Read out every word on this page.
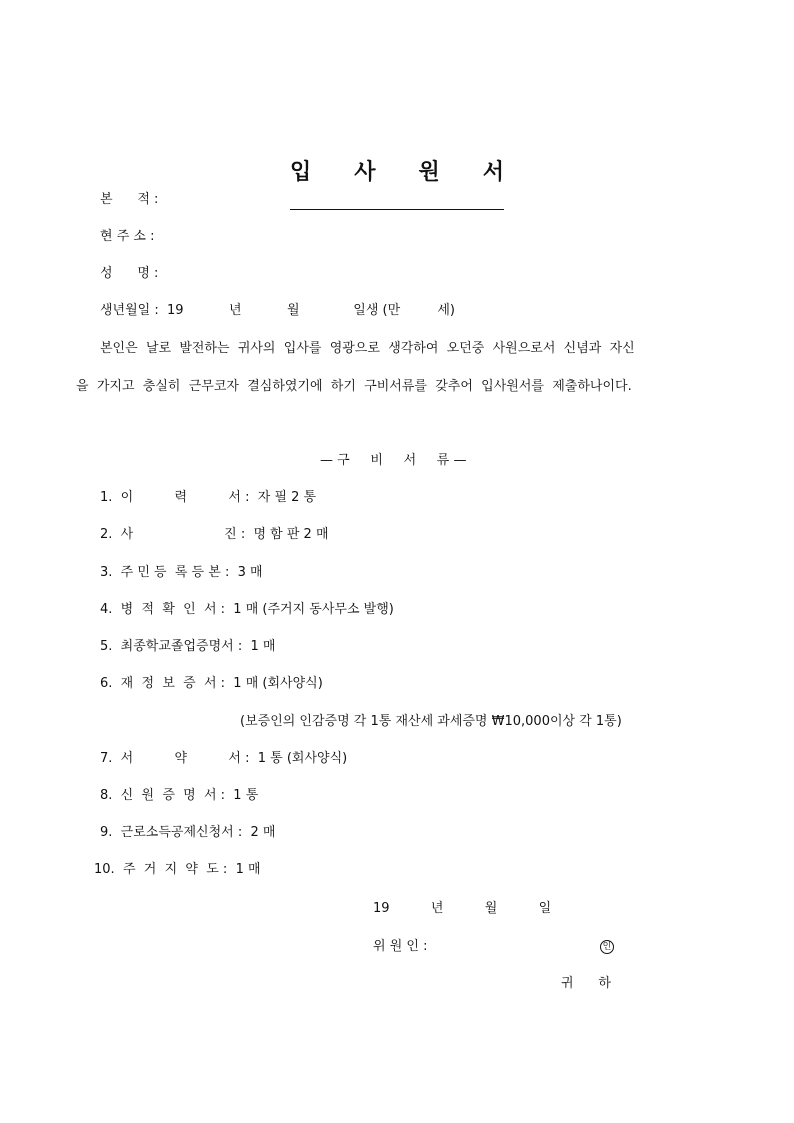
입 사 원 서

본      적 :
현 주 소 :
성      명 :
생년월일 :  19           년           월             일생 (만         세)
본인은  날로  발전하는  귀사의  입사를  영광으로  생각하여  오던중  사원으로서  신념과  자신
을  가지고  충실히  근무코자  결심하였기에  하기  구비서류를  갖추어  입사원서를  제출하나이다.
— 구     비     서     류 —
1.  이          력          서 :  자 필 2 통
2.  사                      진 :  명 함 판 2 매
3.  주 민 등  록 등 본 :  3 매
4.  병  적  확  인  서 :  1 매 (주거지 동사무소 발행)
5.  최종학교졸업증명서 :  1 매
6.  재  정  보  증  서 :  1 매 (회사양식)
(보증인의 인감증명 각 1통 재산세 과세증명 ₩10,000이상 각 1통)
7.  서          약          서 :  1 통 (회사양식)
8.  신  원  증  명  서 :  1 통
9.  근로소득공제신청서 :  2 매
10.  주  거  지  약  도 :  1 매
19          년          월          일
위 원 인 :	인
귀      하
